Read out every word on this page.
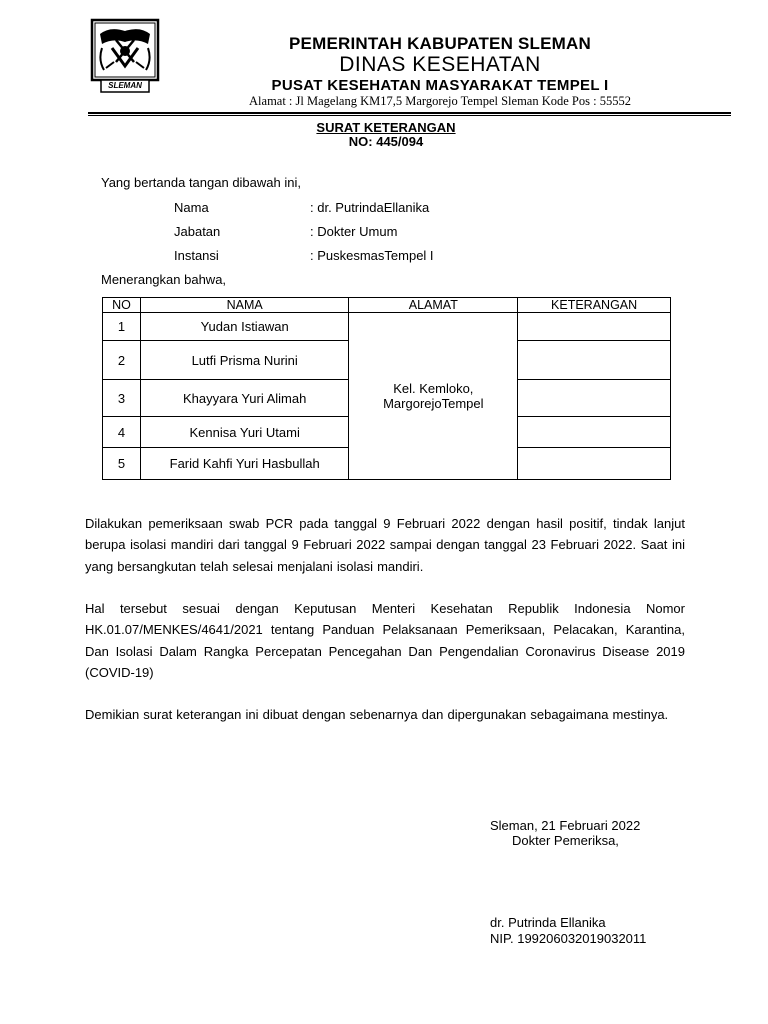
SLEMAN
PEMERINTAH KABUPATEN SLEMAN
DINAS KESEHATAN
PUSAT KESEHATAN MASYARAKAT TEMPEL I
Alamat : Jl Magelang KM17,5 Margorejo Tempel Sleman Kode Pos : 55552
SURAT KETERANGAN
NO: 445/094
Yang bertanda tangan dibawah ini,
Nama	: dr. PutrindaEllanika
Jabatan	: Dokter Umum
Instansi	: PuskesmasTempel I
Menerangkan bahwa,
NO	NAMA	ALAMAT	KETERANGAN
1	Yudan Istiawan	Kel. Kemloko,
MargorejoTempel	

2	Lutfi Prisma Nurini		
3	Khayyara Yuri Alimah		
4	Kennisa Yuri Utami		
5	Farid Kahfi Yuri Hasbullah		
Dilakukan pemeriksaan swab PCR pada tanggal 9 Februari 2022 dengan hasil positif, tindak lanjut berupa isolasi mandiri dari tanggal 9 Februari 2022 sampai dengan tanggal 23 Februari 2022. Saat ini yang bersangkutan telah selesai menjalani isolasi mandiri.
Hal tersebut sesuai dengan Keputusan Menteri Kesehatan Republik Indonesia Nomor HK.01.07/MENKES/4641/2021 tentang Panduan Pelaksanaan Pemeriksaan, Pelacakan, Karantina, Dan Isolasi Dalam Rangka Percepatan Pencegahan Dan Pengendalian Coronavirus Disease 2019 (COVID-19)
Demikian surat keterangan ini dibuat dengan sebenarnya dan dipergunakan sebagaimana mestinya.
Sleman, 21 Februari 2022
Dokter Pemeriksa,
dr. Putrinda Ellanika
NIP. 199206032019032011
